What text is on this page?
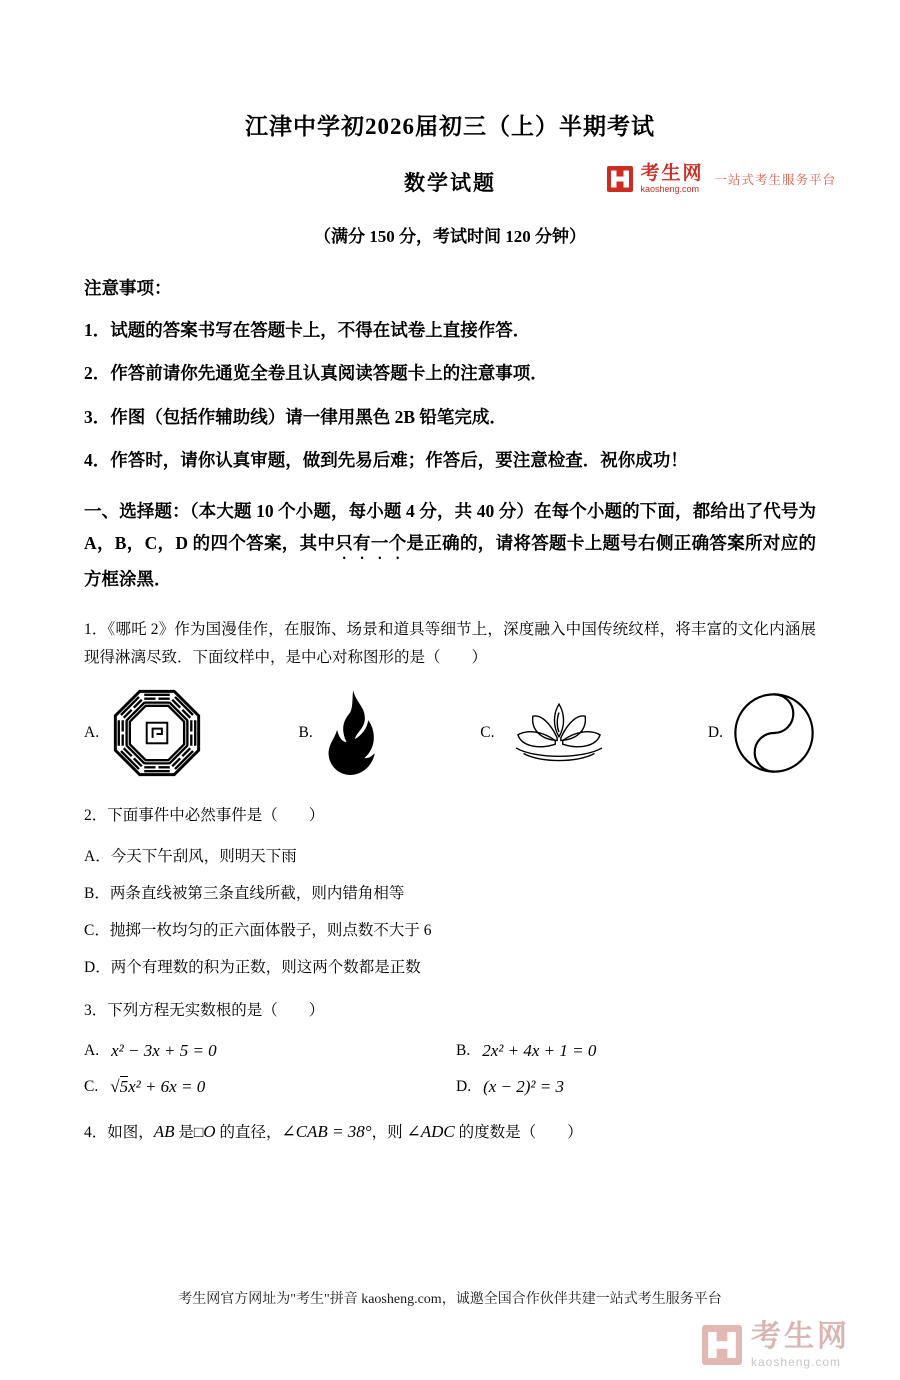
考生网
kaosheng.com
一站式考生服务平台
江津中学初2026届初三（上）半期考试
数学试题
（满分 150 分，考试时间 120 分钟）
注意事项：
1．试题的答案书写在答题卡上，不得在试卷上直接作答．
2．作答前请你先通览全卷且认真阅读答题卡上的注意事项．
3．作图（包括作辅助线）请一律用黑色 2B 铅笔完成．
4．作答时，请你认真审题，做到先易后难；作答后，要注意检查．祝你成功！
一、选择题：（本大题 10 个小题，每小题 4 分，共 40 分）在每个小题的下面，都给出了代号为 A，B，C，D 的四个答案，其中只有一个是正确的，请将答题卡上题号右侧正确答案所对应的方框涂黑．
1．《哪吒 2》作为国漫佳作，在服饰、场景和道具等细节上，深度融入中国传统纹样，将丰富的文化内涵展现得淋漓尽致．下面纹样中，是中心对称图形的是（　　）
A.	B.	C.	D.
2．下面事件中必然事件是（　　）
A．今天下午刮风，则明天下雨
B．两条直线被第三条直线所截，则内错角相等
C．抛掷一枚均匀的正六面体骰子，则点数不大于 6
D．两个有理数的积为正数，则这两个数都是正数
3．下列方程无实数根的是（　　）
A. x² − 3x + 5 = 0	B. 2x² + 4x + 1 = 0
C. √5x² + 6x = 0	D. (x − 2)² = 3
4．如图，AB 是□O 的直径，∠CAB = 38°，则 ∠ADC 的度数是（　　）
考生网官方网址为"考生"拼音 kaosheng.com，诚邀全国合作伙伴共建一站式考生服务平台
考生网
kaosheng.com
